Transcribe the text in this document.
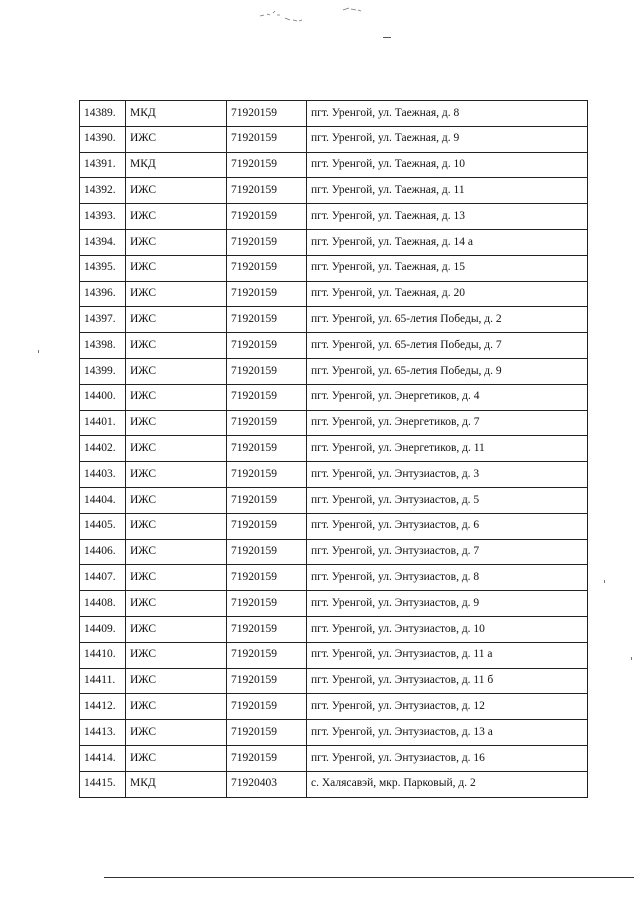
14389.	МКД	71920159	пгт. Уренгой, ул. Таежная, д. 8
14390.	ИЖС	71920159	пгт. Уренгой, ул. Таежная, д. 9
14391.	МКД	71920159	пгт. Уренгой, ул. Таежная, д. 10
14392.	ИЖС	71920159	пгт. Уренгой, ул. Таежная, д. 11
14393.	ИЖС	71920159	пгт. Уренгой, ул. Таежная, д. 13
14394.	ИЖС	71920159	пгт. Уренгой, ул. Таежная, д. 14 а
14395.	ИЖС	71920159	пгт. Уренгой, ул. Таежная, д. 15
14396.	ИЖС	71920159	пгт. Уренгой, ул. Таежная, д. 20
14397.	ИЖС	71920159	пгт. Уренгой, ул. 65-летия Победы, д. 2
14398.	ИЖС	71920159	пгт. Уренгой, ул. 65-летия Победы, д. 7
14399.	ИЖС	71920159	пгт. Уренгой, ул. 65-летия Победы, д. 9
14400.	ИЖС	71920159	пгт. Уренгой, ул. Энергетиков, д. 4
14401.	ИЖС	71920159	пгт. Уренгой, ул. Энергетиков, д. 7
14402.	ИЖС	71920159	пгт. Уренгой, ул. Энергетиков, д. 11
14403.	ИЖС	71920159	пгт. Уренгой, ул. Энтузиастов, д. 3
14404.	ИЖС	71920159	пгт. Уренгой, ул. Энтузиастов, д. 5
14405.	ИЖС	71920159	пгт. Уренгой, ул. Энтузиастов, д. 6
14406.	ИЖС	71920159	пгт. Уренгой, ул. Энтузиастов, д. 7
14407.	ИЖС	71920159	пгт. Уренгой, ул. Энтузиастов, д. 8
14408.	ИЖС	71920159	пгт. Уренгой, ул. Энтузиастов, д. 9
14409.	ИЖС	71920159	пгт. Уренгой, ул. Энтузиастов, д. 10
14410.	ИЖС	71920159	пгт. Уренгой, ул. Энтузиастов, д. 11 а
14411.	ИЖС	71920159	пгт. Уренгой, ул. Энтузиастов, д. 11 б
14412.	ИЖС	71920159	пгт. Уренгой, ул. Энтузиастов, д. 12
14413.	ИЖС	71920159	пгт. Уренгой, ул. Энтузиастов, д. 13 а
14414.	ИЖС	71920159	пгт. Уренгой, ул. Энтузиастов, д. 16
14415.	МКД	71920403	с. Халясавэй, мкр. Парковый, д. 2
